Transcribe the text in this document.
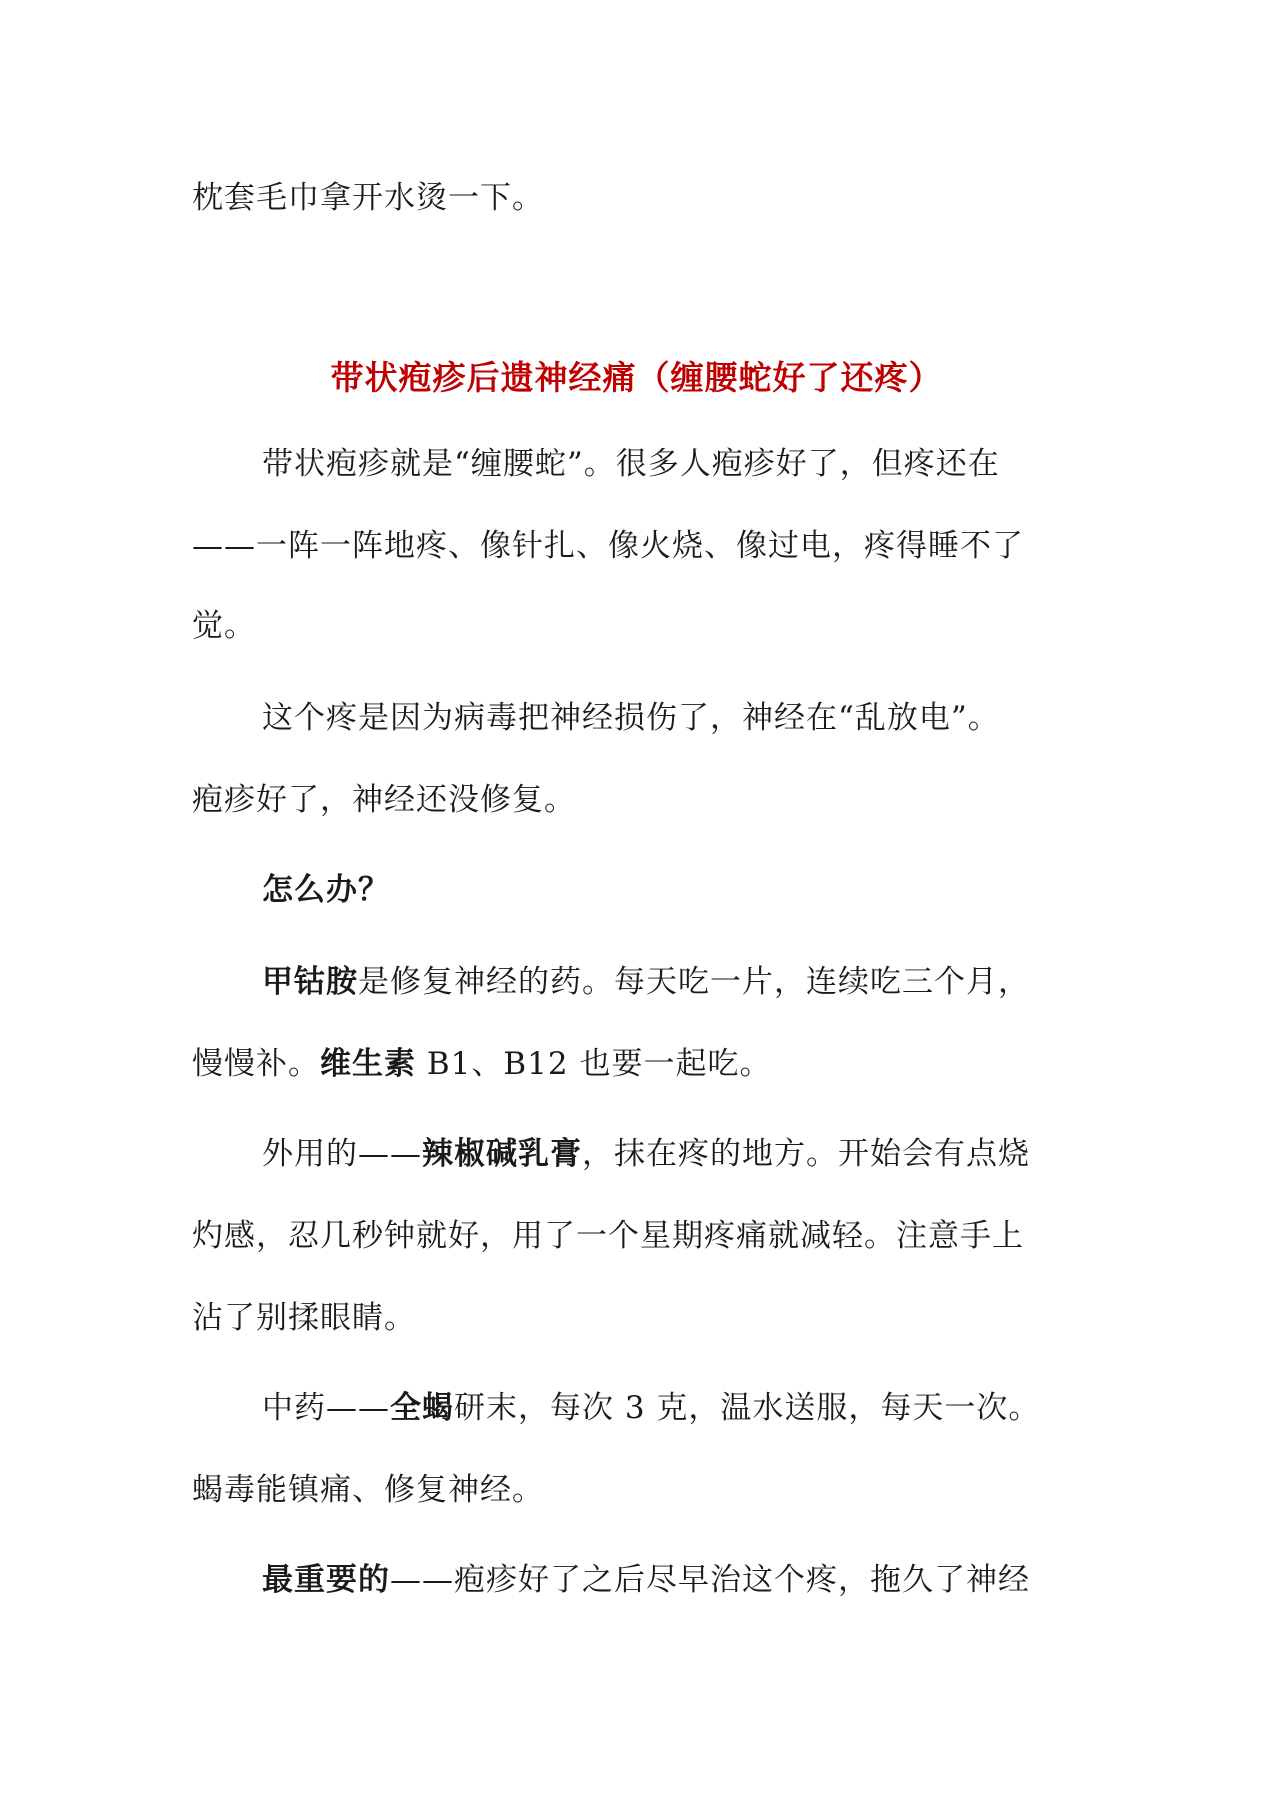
枕套毛巾拿开水烫一下。
带状疱疹后遗神经痛（缠腰蛇好了还疼）
带状疱疹就是“缠腰蛇”。很多人疱疹好了，但疼还在
——一阵一阵地疼、像针扎、像火烧、像过电，疼得睡不了
觉。
这个疼是因为病毒把神经损伤了，神经在“乱放电”。
疱疹好了，神经还没修复。
怎么办？
甲钴胺是修复神经的药。每天吃一片，连续吃三个月，
慢慢补。维生素 B1、B12 也要一起吃。
外用的——辣椒碱乳膏，抹在疼的地方。开始会有点烧
灼感，忍几秒钟就好，用了一个星期疼痛就减轻。注意手上
沾了别揉眼睛。
中药——全蝎研末，每次 3 克，温水送服，每天一次。
蝎毒能镇痛、修复神经。
最重要的——疱疹好了之后尽早治这个疼，拖久了神经
